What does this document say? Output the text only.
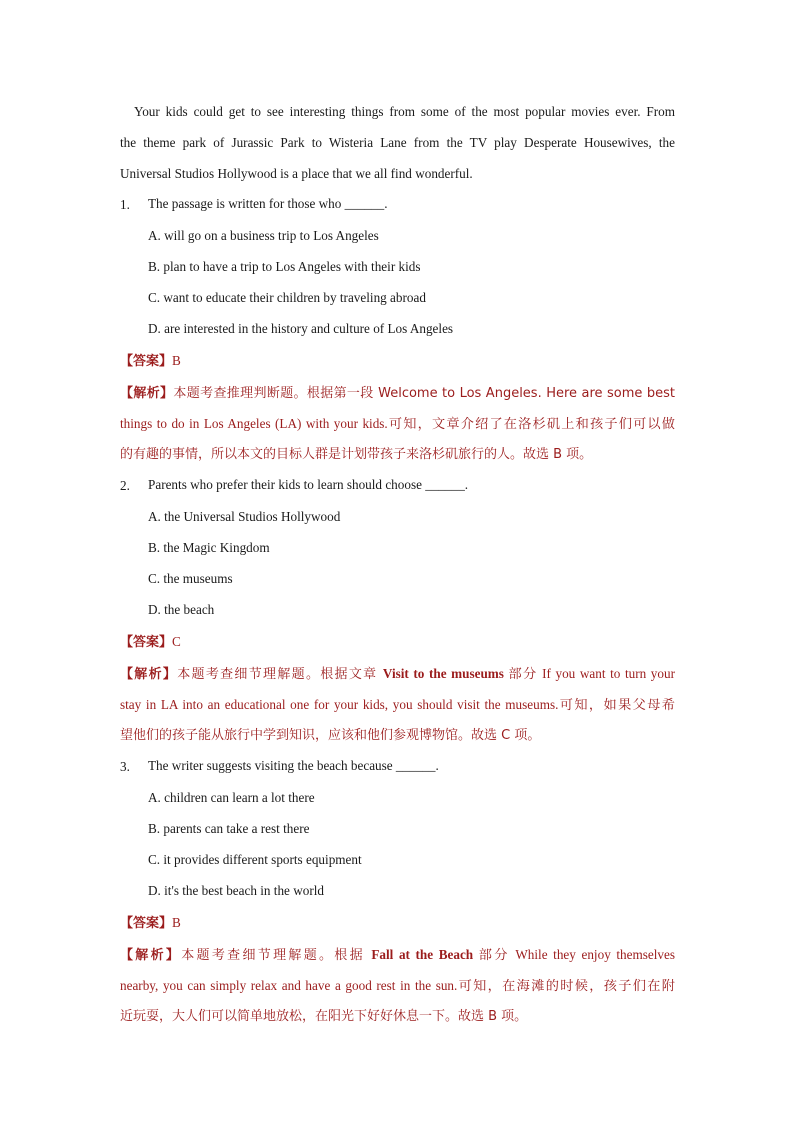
Your kids could get to see interesting things from some of the most popular movies ever. From
the theme park of Jurassic Park to Wisteria Lane from the TV play Desperate Housewives, the
Universal Studios Hollywood is a place that we all find wonderful.
1. The passage is written for those who ______.
A. will go on a business trip to Los Angeles
B. plan to have a trip to Los Angeles with their kids
C. want to educate their children by traveling abroad
D. are interested in the history and culture of Los Angeles
【答案】B
【解析】本题考查推理判断题。根据第一段 Welcome to Los Angeles. Here are some best
things to do in Los Angeles (LA) with your kids.可知，文章介绍了在洛杉矶上和孩子们可以做
的有趣的事情，所以本文的目标人群是计划带孩子来洛杉矶旅行的人。故选 B 项。
2. Parents who prefer their kids to learn should choose ______.
A. the Universal Studios Hollywood
B. the Magic Kingdom
C. the museums
D. the beach
【答案】C
【解析】本题考查细节理解题。根据文章 Visit to the museums 部分 If you want to turn your
stay in LA into an educational one for your kids, you should visit the museums.可知，如果父母希
望他们的孩子能从旅行中学到知识，应该和他们参观博物馆。故选 C 项。
3. The writer suggests visiting the beach because ______.
A. children can learn a lot there
B. parents can take a rest there
C. it provides different sports equipment
D. it's the best beach in the world
【答案】B
【解析】本题考查细节理解题。根据 Fall at the Beach 部分 While they enjoy themselves
nearby, you can simply relax and have a good rest in the sun.可知，在海滩的时候，孩子们在附
近玩耍，大人们可以简单地放松，在阳光下好好休息一下。故选 B 项。
